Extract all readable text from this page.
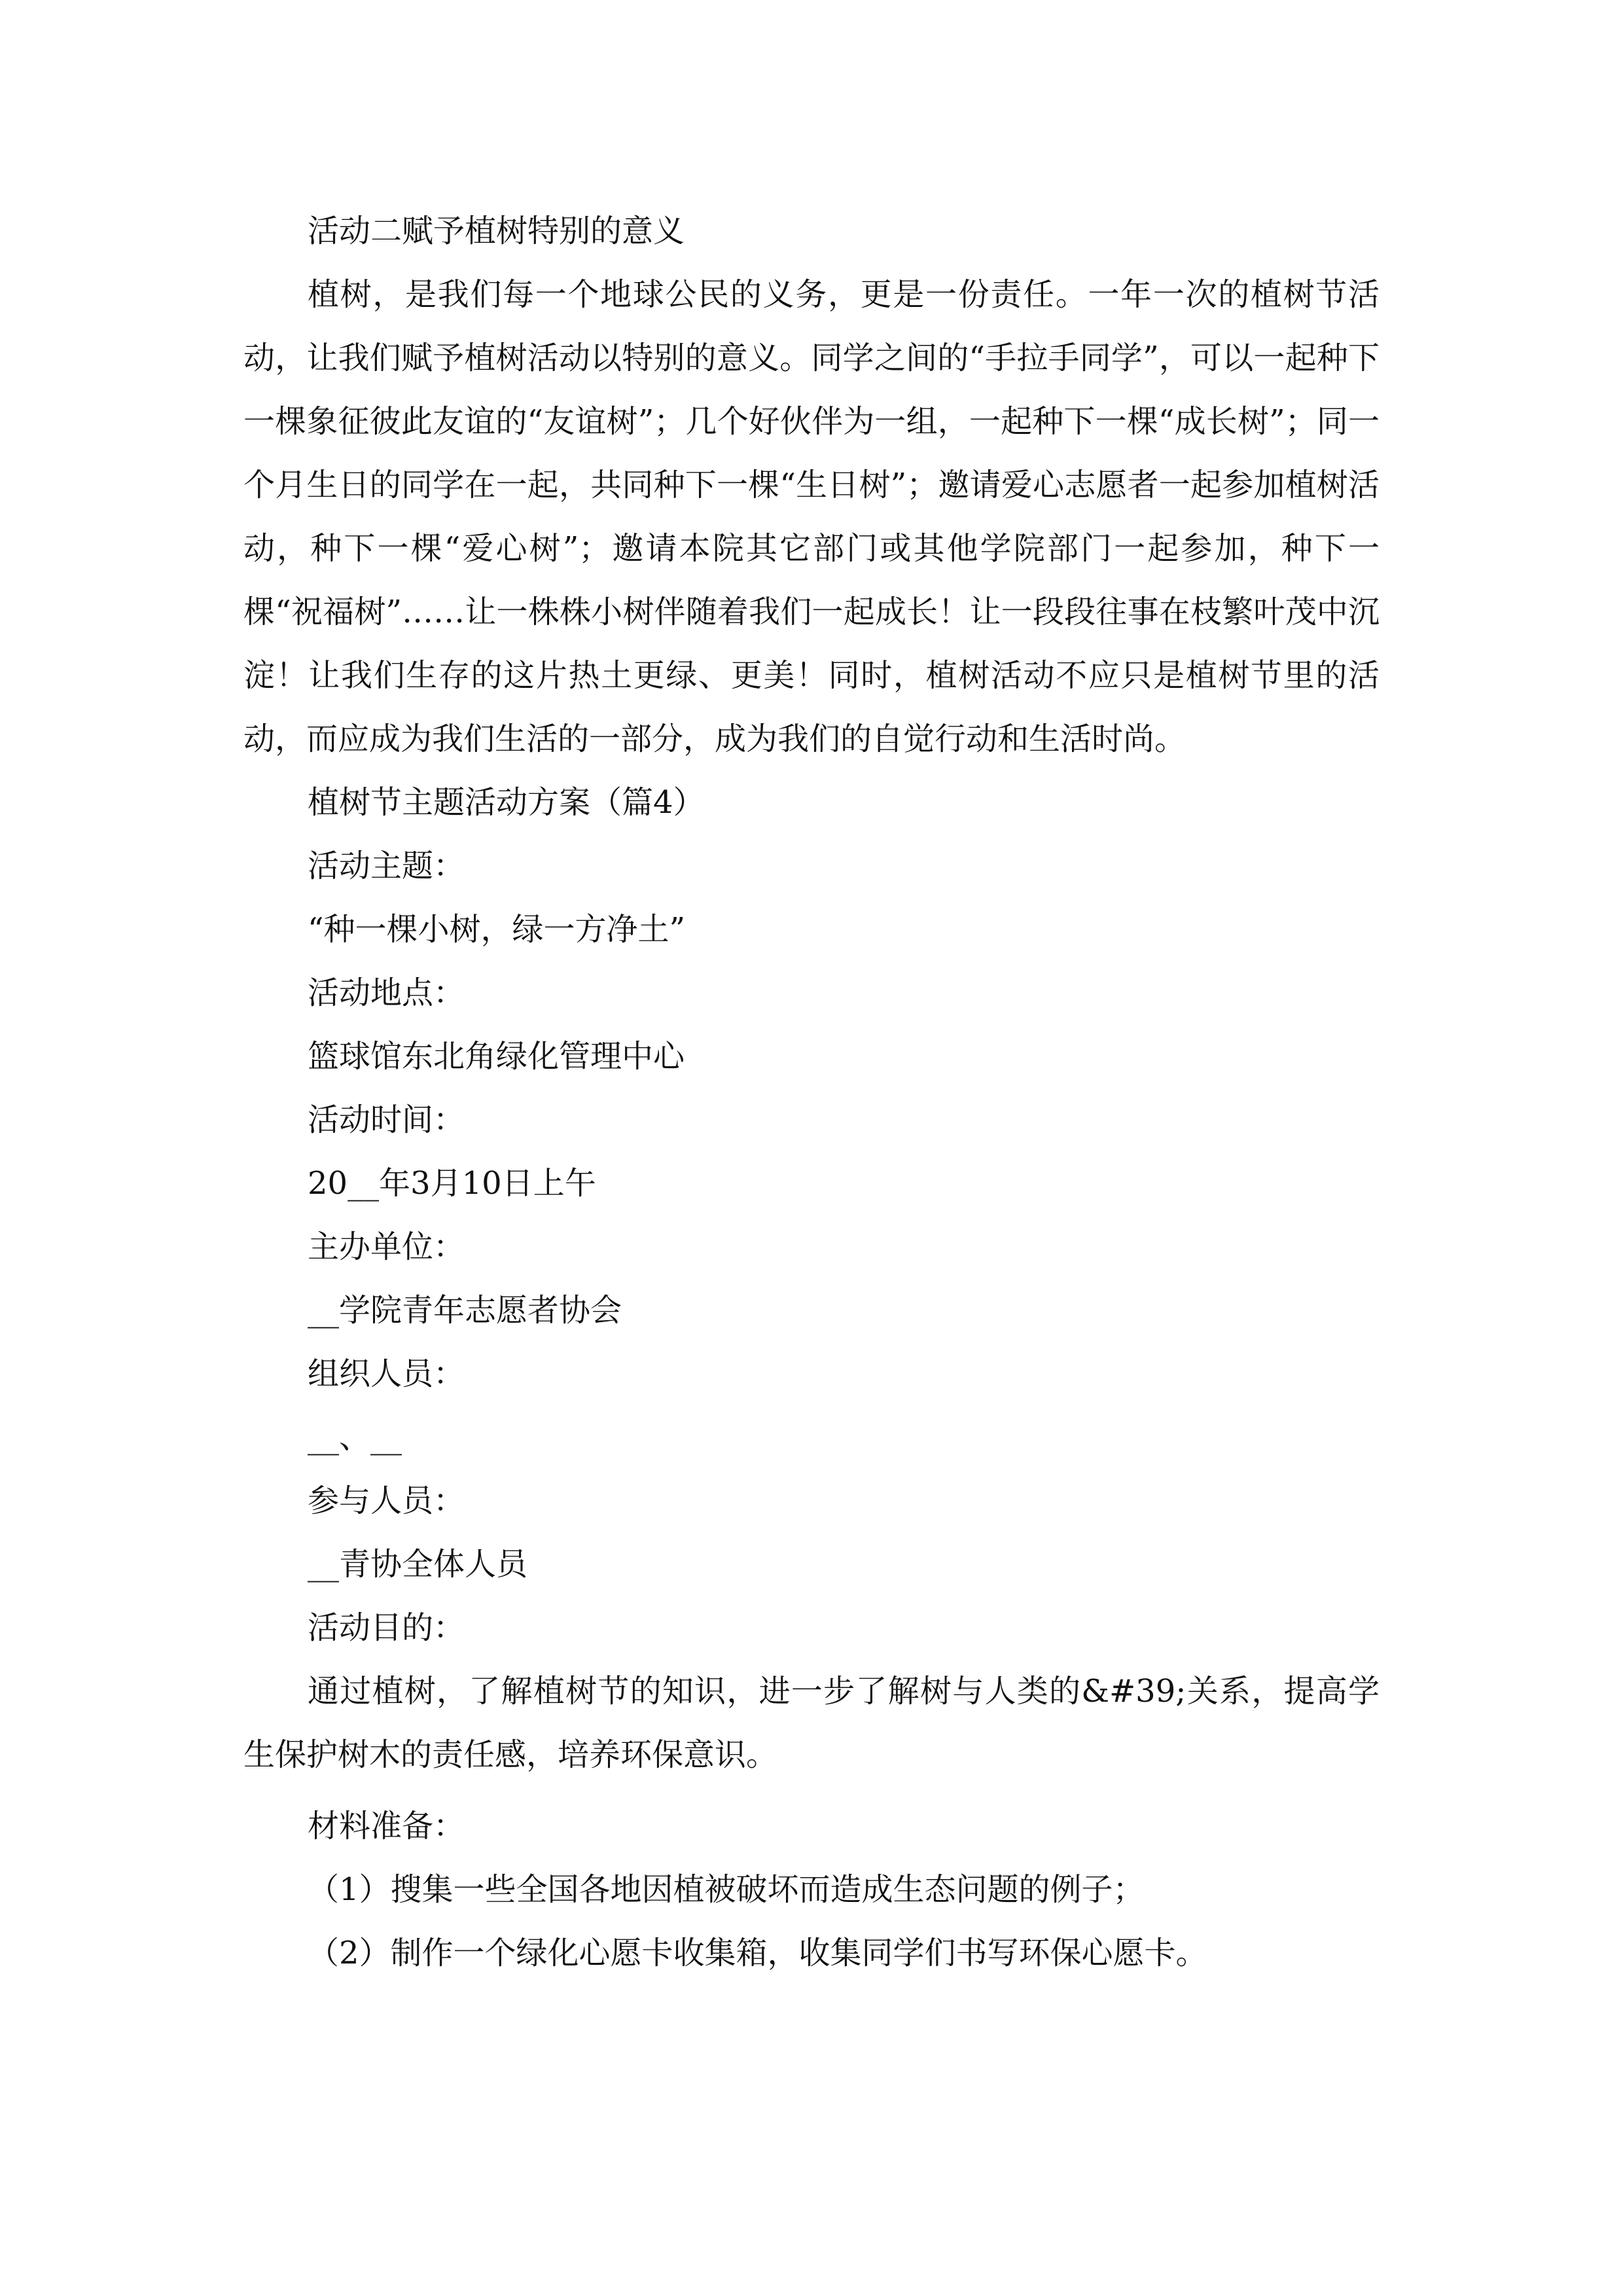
活动二赋予植树特别的意义

植树，是我们每一个地球公民的义务，更是一份责任。一年一次的植树节活动，让我们赋予植树活动以特别的意义。同学之间的“手拉手同学”，可以一起种下一棵象征彼此友谊的“友谊树”；几个好伙伴为一组，一起种下一棵“成长树”；同一个月生日的同学在一起，共同种下一棵“生日树”；邀请爱心志愿者一起参加植树活动，种下一棵“爱心树”；邀请本院其它部门或其他学院部门一起参加，种下一棵“祝福树”……让一株株小树伴随着我们一起成长！让一段段往事在枝繁叶茂中沉淀！让我们生存的这片热土更绿、更美！同时，植树活动不应只是植树节里的活动，而应成为我们生活的一部分，成为我们的自觉行动和生活时尚。

植树节主题活动方案（篇4）
活动主题：
“种一棵小树，绿一方净土”
活动地点：
篮球馆东北角绿化管理中心
活动时间：
20__年3月10日上午
主办单位：
__学院青年志愿者协会
组织人员：
__、__
参与人员：
__青协全体人员
活动目的：

通过植树，了解植树节的知识，进一步了解树与人类的&#39;关系，提高学生保护树木的责任感，培养环保意识。

材料准备：
（1）搜集一些全国各地因植被破坏而造成生态问题的例子；
（2）制作一个绿化心愿卡收集箱，收集同学们书写环保心愿卡。
